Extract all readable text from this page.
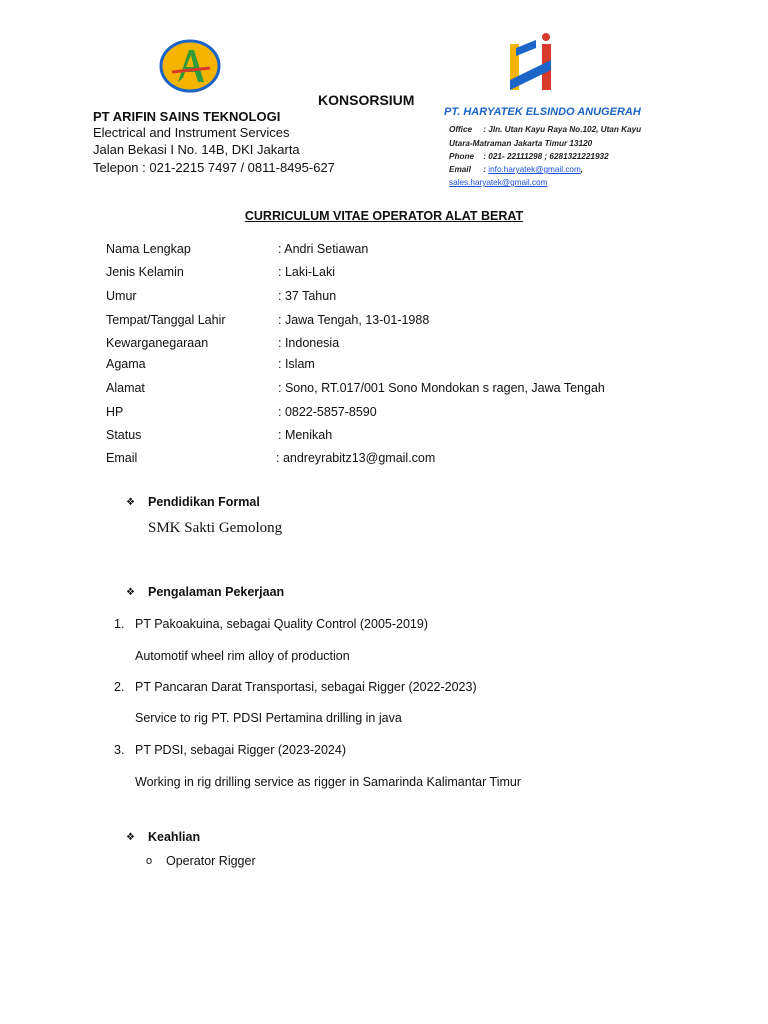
KONSORSIUM
PT ARIFIN SAINS TEKNOLOGI
Electrical and Instrument Services
Jalan Bekasi I No. 14B, DKI Jakarta
Telepon : 021-2215 7497 / 0811-8495-627
PT. HARYATEK ELSINDO ANUGERAH
Office : Jln. Utan Kayu Raya No.102, Utan Kayu
Utara-Matraman Jakarta Timur 13120
Phone : 021- 22111298 ; 6281321221932
Email : info.haryatek@gmail.com,
sales.haryatek@gmail.com
CURRICULUM VITAE OPERATOR ALAT BERAT
Nama Lengkap	: Andri Setiawan
Jenis Kelamin	: Laki-Laki
Umur	: 37 Tahun
Tempat/Tanggal Lahir	: Jawa Tengah, 13-01-1988
Kewarganegaraan	: Indonesia
Agama	: Islam
Alamat	: Sono, RT.017/001 Sono Mondokan s ragen, Jawa Tengah
HP	: 0822-5857-8590
Status	: Menikah
Email	: andreyrabitz13@gmail.com
❖ Pendidikan Formal
SMK Sakti Gemolong
❖ Pengalaman Pekerjaan
1. PT Pakoakuina, sebagai Quality Control (2005-2019)
Automotif wheel rim alloy of production
2. PT Pancaran Darat Transportasi, sebagai Rigger (2022-2023)
Service to rig PT. PDSI Pertamina drilling in java
3. PT PDSI, sebagai Rigger (2023-2024)
Working in rig drilling service as rigger in Samarinda Kalimantar Timur
❖ Keahlian
o Operator Rigger
